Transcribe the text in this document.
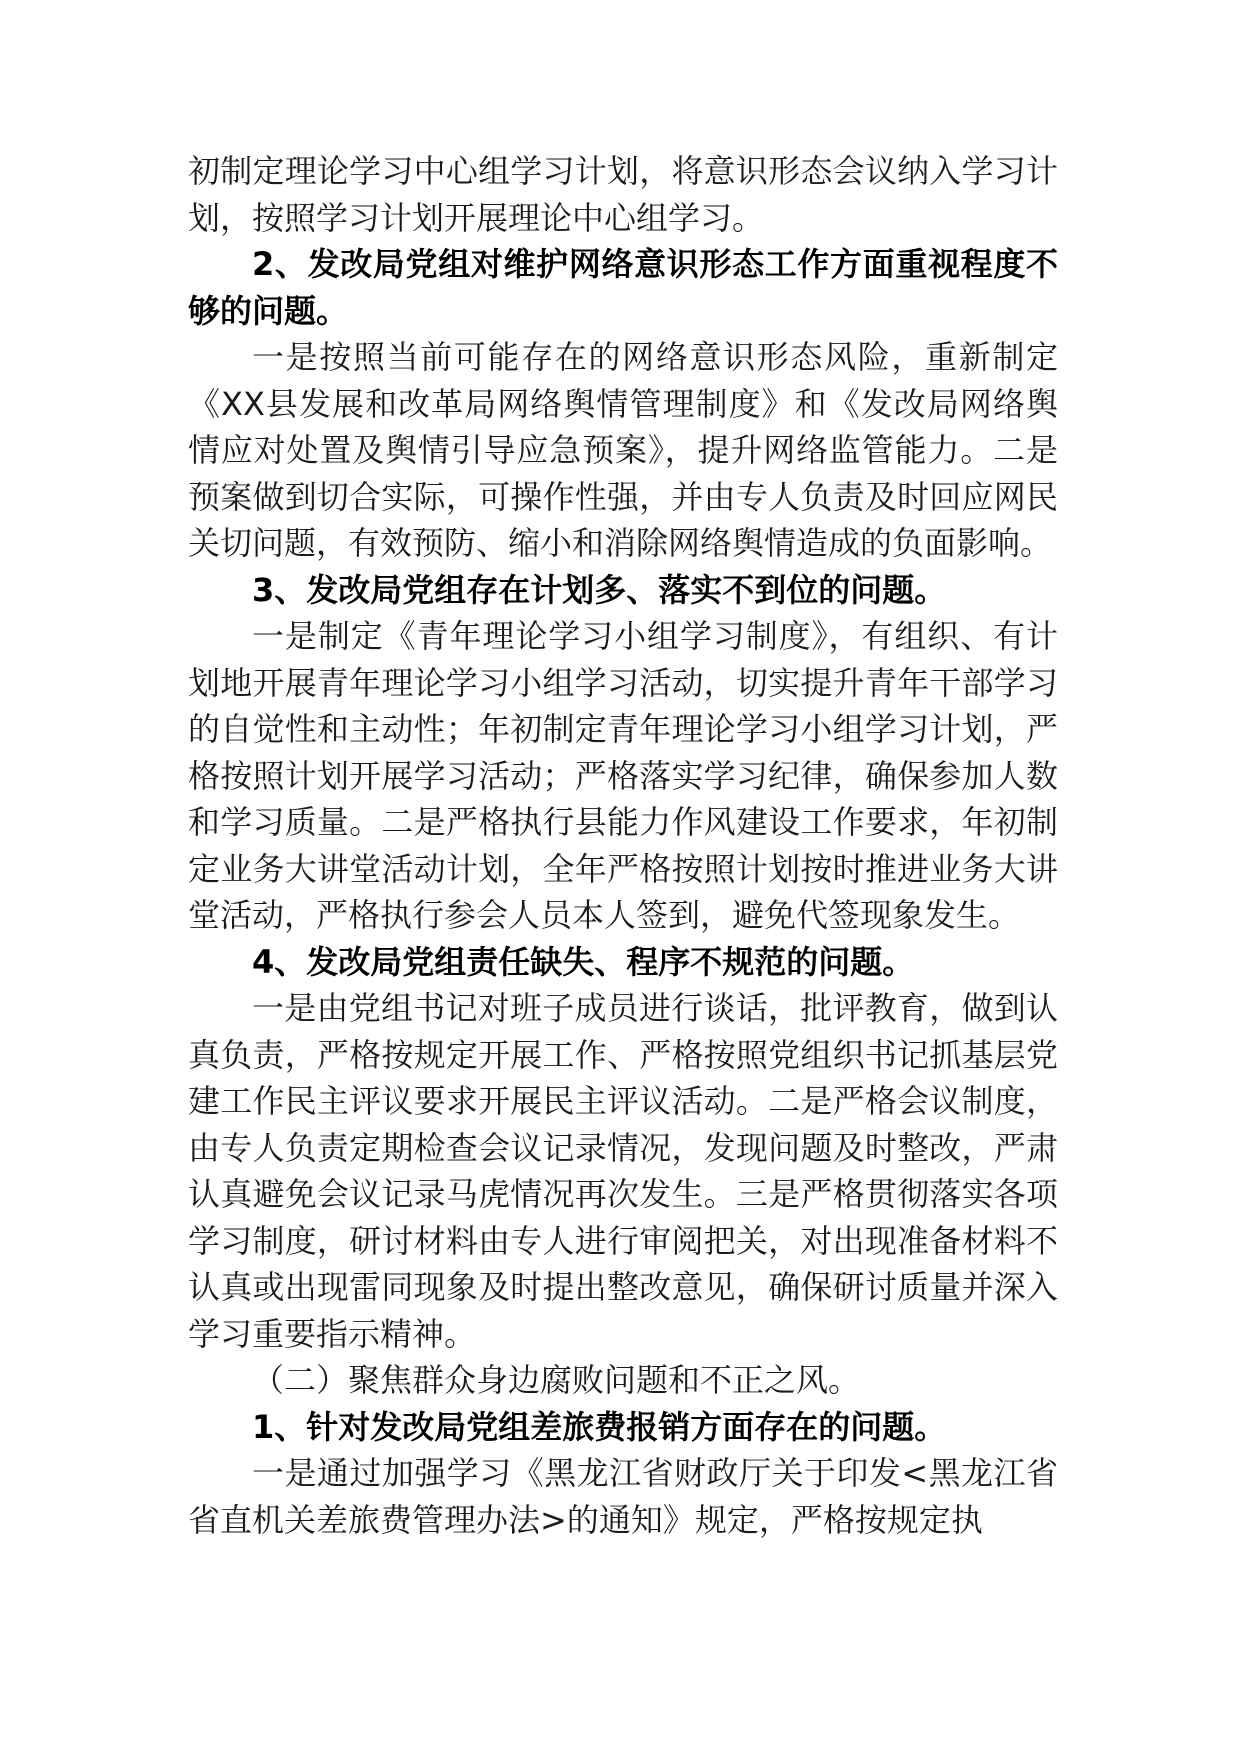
初制定理论学习中心组学习计划，将意识形态会议纳入学习计划，按照学习计划开展理论中心组学习。

2、发改局党组对维护网络意识形态工作方面重视程度不够的问题。

一是按照当前可能存在的网络意识形态风险，重新制定《XX县发展和改革局网络舆情管理制度》和《发改局网络舆情应对处置及舆情引导应急预案》，提升网络监管能力。二是预案做到切合实际，可操作性强，并由专人负责及时回应网民关切问题，有效预防、缩小和消除网络舆情造成的负面影响。

3、发改局党组存在计划多、落实不到位的问题。

一是制定《青年理论学习小组学习制度》，有组织、有计划地开展青年理论学习小组学习活动，切实提升青年干部学习的自觉性和主动性；年初制定青年理论学习小组学习计划，严格按照计划开展学习活动；严格落实学习纪律，确保参加人数和学习质量。二是严格执行县能力作风建设工作要求，年初制定业务大讲堂活动计划，全年严格按照计划按时推进业务大讲堂活动，严格执行参会人员本人签到，避免代签现象发生。

4、发改局党组责任缺失、程序不规范的问题。

一是由党组书记对班子成员进行谈话，批评教育，做到认真负责，严格按规定开展工作、严格按照党组织书记抓基层党建工作民主评议要求开展民主评议活动。二是严格会议制度，由专人负责定期检查会议记录情况，发现问题及时整改，严肃认真避免会议记录马虎情况再次发生。三是严格贯彻落实各项学习制度，研讨材料由专人进行审阅把关，对出现准备材料不认真或出现雷同现象及时提出整改意见，确保研讨质量并深入学习重要指示精神。

（二）聚焦群众身边腐败问题和不正之风。

1、针对发改局党组差旅费报销方面存在的问题。

一是通过加强学习《黑龙江省财政厅关于印发<黑龙江省省直机关差旅费管理办法>的通知》规定，严格按规定执
